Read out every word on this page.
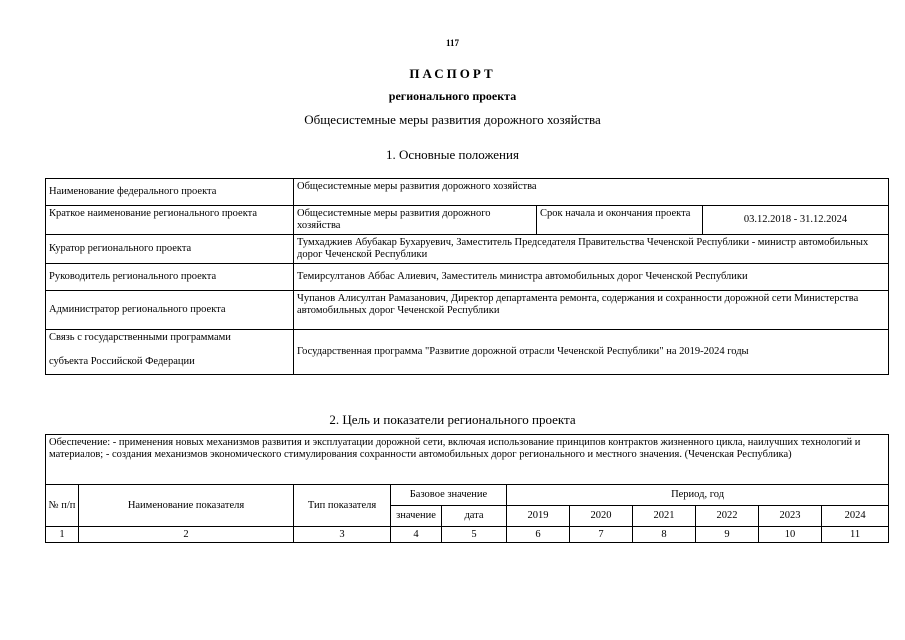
117
ПАСПОРТ
регионального проекта
Общесистемные меры развития дорожного хозяйства
1. Основные положения
Наименование федерального проекта	Общесистемные меры развития дорожного хозяйства		
Краткое наименование регионального проекта	Общесистемные меры развития дорожного хозяйства	Срок начала и окончания проекта	03.12.2018 - 31.12.2024
Куратор регионального проекта	Тумхаджиев Абубакар Бухаруевич, Заместитель Председателя Правительства Чеченской Республики - министр автомобильных дорог Чеченской Республики		
Руководитель регионального проекта	Темирсултанов Аббас Алиевич, Заместитель министра автомобильных дорог Чеченской Республики		
Администратор регионального проекта	Чупанов Алисултан Рамазанович, Директор департамента ремонта, содержания и сохранности дорожной сети Министерства автомобильных дорог Чеченской Республики		

Связь с государственными программами
субъекта Российской Федерации	Государственная программа "Развитие дорожной отрасли Чеченской Республики" на 2019-2024 годы		
2. Цель и показатели регионального проекта
Обеспечение: - применения новых механизмов развития и эксплуатации дорожной сети, включая использование принципов контрактов жизненного цикла, наилучших технологий и материалов; - создания механизмов экономического стимулирования сохранности автомобильных дорог регионального и местного значения. (Чеченская Республика)										
№ п/п	Наименование показателя	Тип показателя	Базовое значение		Период, год					
			значение	дата	2019	2020	2021	2022	2023	2024
1	2	3	4	5	6	7	8	9	10	11
